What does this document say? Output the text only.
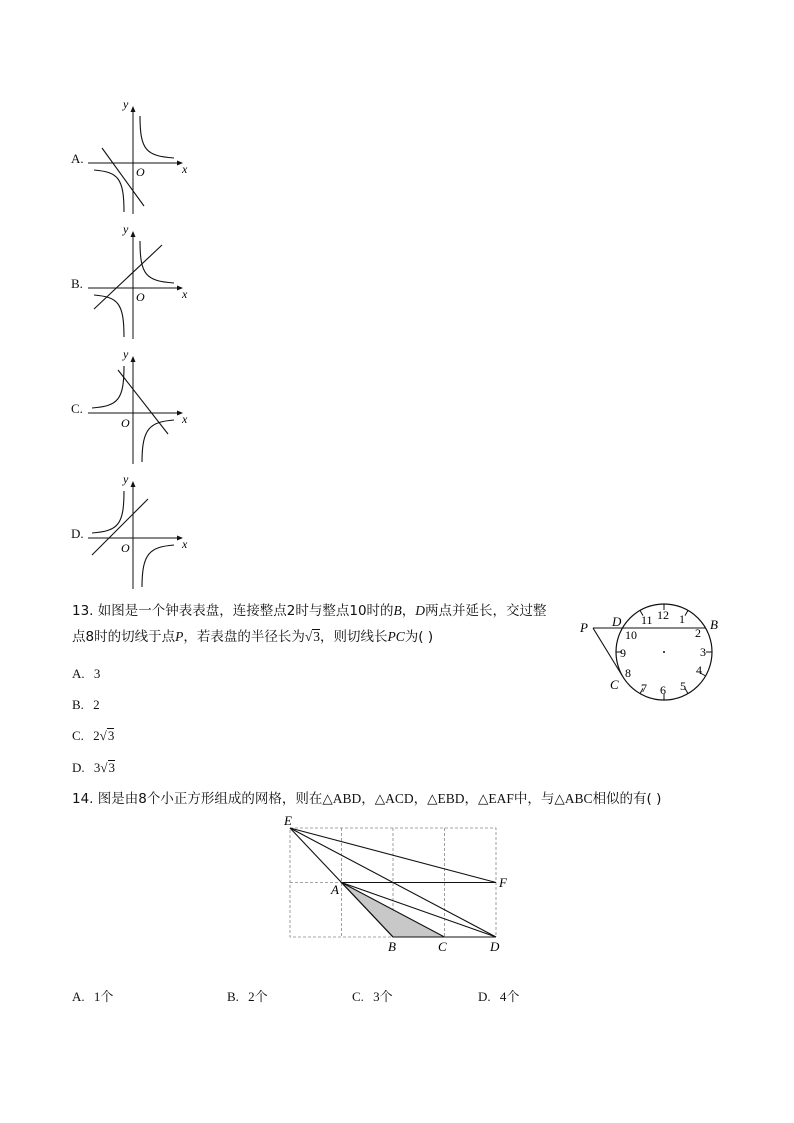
A.
y
x
O
B.
y
x
O
C.
y
x
O
D.
y
x
O
13. 如图是一个钟表表盘，连接整点2时与整点10时的B，D两点并延长，交过整
点8时的切线于点P，若表盘的半径长为√3，则切线长PC为( )
A. 3
B. 2
C. 2√3
D. 3√3
P D	B
C
12 1
2
3
4
5
6
7
8
9
10
11
14. 图是由8个小正方形组成的网格，则在△ABD，△ACD，△EBD，△EAF中，与△ABC相似的有( )
E
A	F
B	C	D
A. 1个	B. 2个	C. 3个	D. 4个
